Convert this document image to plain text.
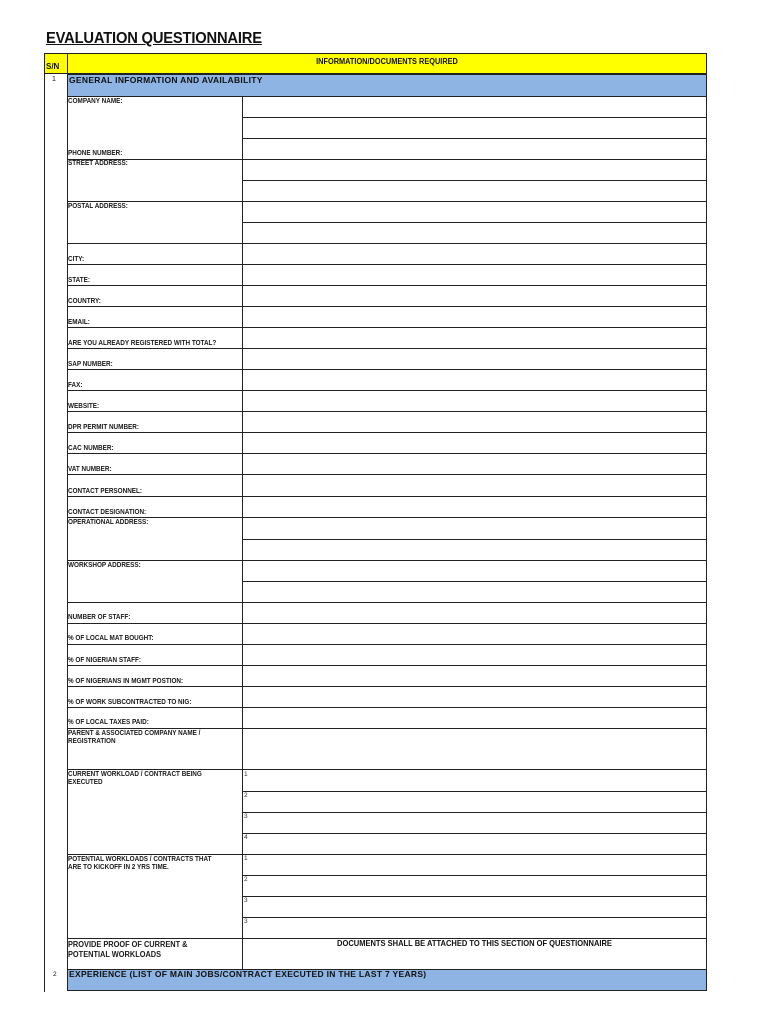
EVALUATION QUESTIONNAIRE
S/N
INFORMATION/DOCUMENTS REQUIRED
1 GENERAL INFORMATION AND AVAILABILITY
COMPANY NAME:
PHONE NUMBER:
STREET ADDRESS:
POSTAL ADDRESS:
CITY:
STATE:
COUNTRY:
EMAIL:
ARE YOU ALREADY REGISTERED WITH TOTAL?
SAP NUMBER:
FAX:
WEBSITE:
DPR PERMIT NUMBER:
CAC NUMBER:
VAT NUMBER:
CONTACT PERSONNEL:
CONTACT DESIGNATION:
OPERATIONAL ADDRESS:
WORKSHOP ADDRESS:
NUMBER OF STAFF:
% OF LOCAL MAT BOUGHT:
% OF NIGERIAN STAFF:
% OF NIGERIANS IN MGMT POSTION:
% OF WORK SUBCONTRACTED TO NIG:
% OF LOCAL TAXES PAID:
PARENT & ASSOCIATED COMPANY NAME /
REGISTRATION
CURRENT WORKLOAD / CONTRACT BEING
EXECUTED
POTENTIAL WORKLOADS / CONTRACTS THAT
ARE TO KICKOFF IN 2 YRS TIME.
PROVIDE PROOF OF CURRENT &
POTENTIAL WORKLOADS
DOCUMENTS SHALL BE ATTACHED TO THIS SECTION OF QUESTIONNAIRE
1
2
3
4
1
2
3
3
2 EXPERIENCE (LIST OF MAIN JOBS/CONTRACT EXECUTED IN THE LAST 7 YEARS)
